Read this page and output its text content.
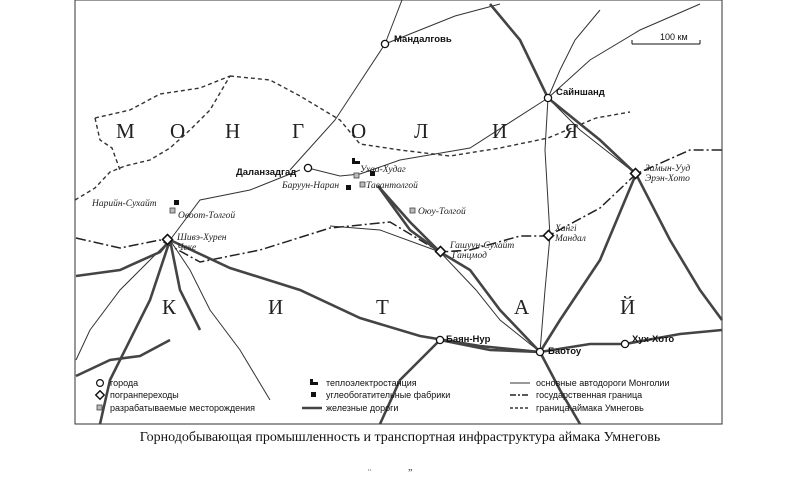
100 км
М О Н Г О Л	И	Я
К	И	Т	А	Й
Мандалговь
Сайншанд
Даланзадгад	Замын-Ууд
Эрэн-Хото
Хангi
Мандал
Гашуун-Сухайт
Ганцмод
Шивэ-Хурен
Чеке
Баян-Нур
Баотоу
Хух-Хото
Ухаа-Худаг
Баруун-Наран	Тавантолгой
Оюу-Толгой
Нарийн-Сухайт
Овоот-Толгой
города
погранпереходы
разрабатываемые месторождения
теплоэлектростанция
углеобогатительные фабрики
железные дороги
основные автодороги Монголии
государственная граница
граница аймака Умнеговь
Горнодобывающая промышленность и транспортная инфраструктура аймака Умнеговь
̈ ”
